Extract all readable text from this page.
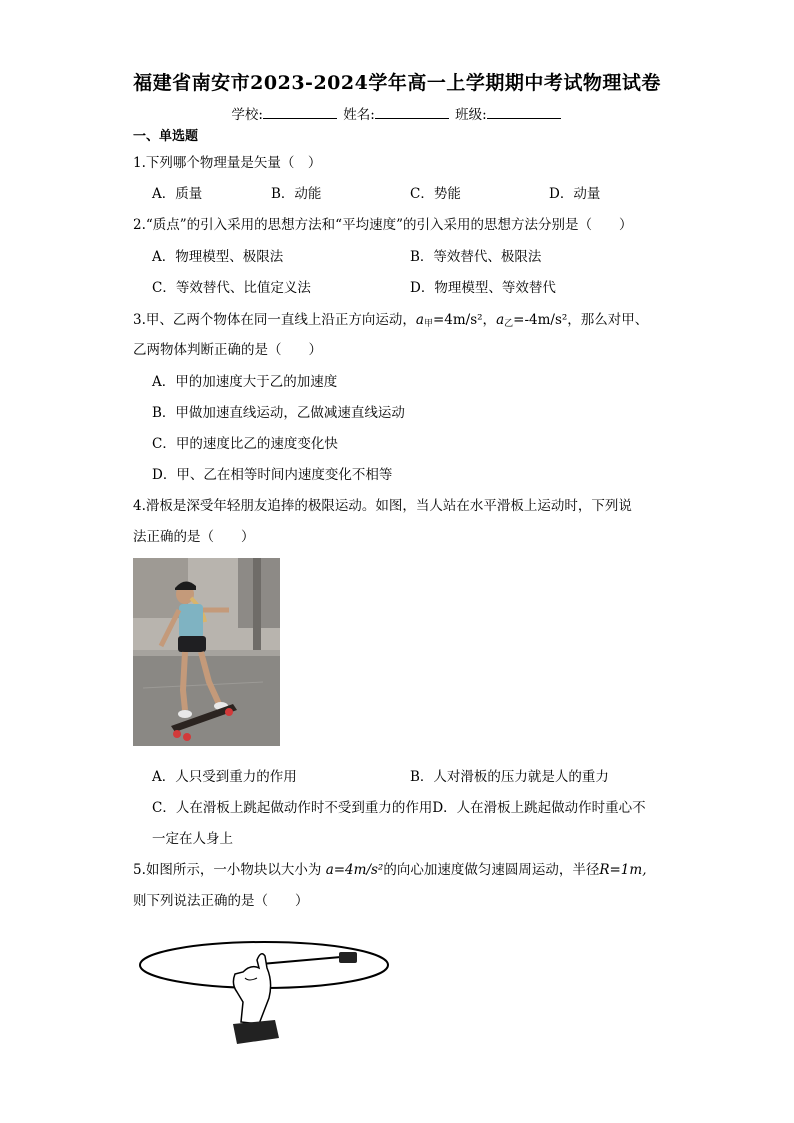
福建省南安市2023-2024学年高一上学期期中考试物理试卷
学校:	姓名:	班级:
一、单选题
1.下列哪个物理量是矢量（　）
A．质量	B．动能	C．势能	D．动量
2.“质点”的引入采用的思想方法和“平均速度”的引入采用的思想方法分别是（　　）
A．物理模型、极限法	B．等效替代、极限法
C．等效替代、比值定义法	D．物理模型、等效替代
3.甲、乙两个物体在同一直线上沿正方向运动，$a_甲=4m/s^2$，$a_乙=-4m/s^2$，那么对甲、
乙两物体判断正确的是（　　）
A．甲的加速度大于乙的加速度
B．甲做加速直线运动，乙做减速直线运动
C．甲的速度比乙的速度变化快
D．甲、乙在相等时间内速度变化不相等
4.滑板是深受年轻朋友追捧的极限运动。如图，当人站在水平滑板上运动时，下列说
法正确的是（　　）
A．人只受到重力的作用	B．人对滑板的压力就是人的重力
C．人在滑板上跳起做动作时不受到重力的作用D．人在滑板上跳起做动作时重心不
一定在人身上
5.如图所示，一小物块以大小为 a=4m/s²的向心加速度做匀速圆周运动，半径R=1m,
则下列说法正确的是（　　）
